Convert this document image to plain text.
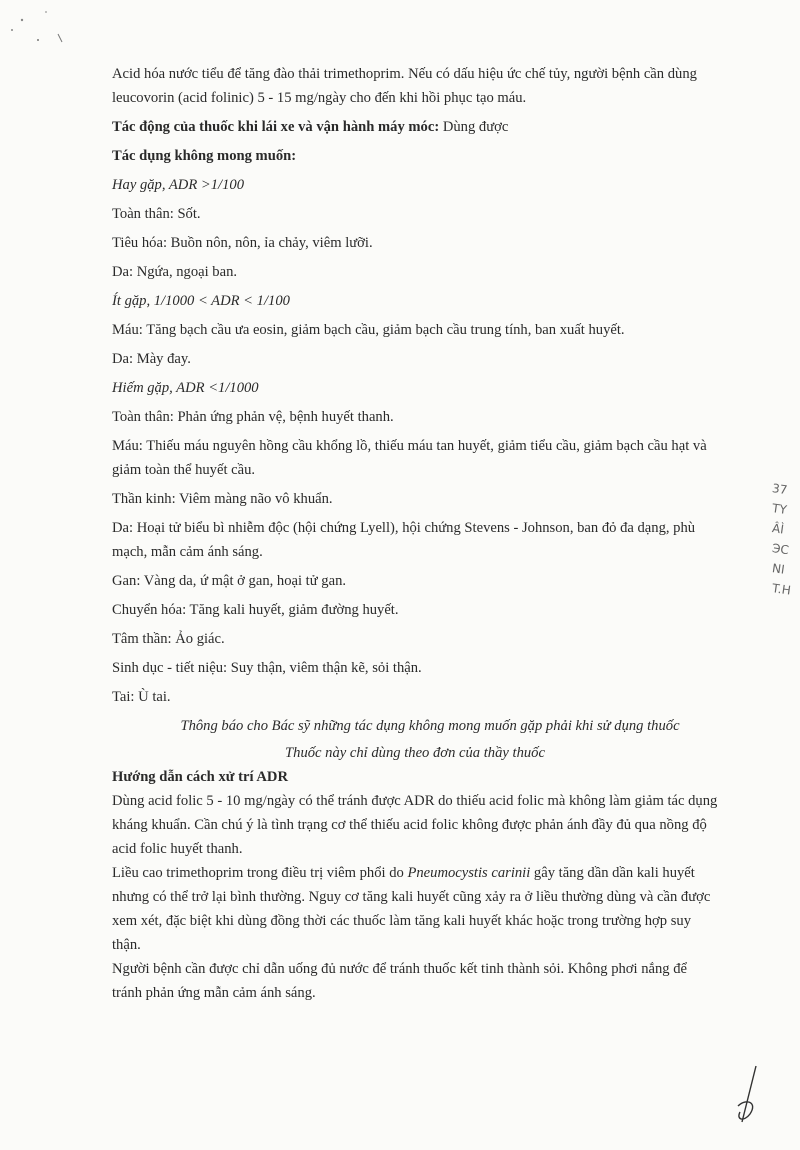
Acid hóa nước tiểu để tăng đào thải trimethoprim. Nếu có dấu hiệu ức chế tủy, người bệnh cần dùng leucovorin (acid folinic) 5 - 15 mg/ngày cho đến khi hồi phục tạo máu.

Tác động của thuốc khi lái xe và vận hành máy móc: Dùng được

Tác dụng không mong muốn:

Hay gặp, ADR >1/100

Toàn thân: Sốt.

Tiêu hóa: Buồn nôn, nôn, ỉa chảy, viêm lưỡi.

Da: Ngứa, ngoại ban.

Ít gặp, 1/1000 < ADR < 1/100

Máu: Tăng bạch cầu ưa eosin, giảm bạch cầu, giảm bạch cầu trung tính, ban xuất huyết.

Da: Mày đay.

Hiếm gặp, ADR <1/1000

Toàn thân: Phản ứng phản vệ, bệnh huyết thanh.

Máu: Thiếu máu nguyên hồng cầu khổng lồ, thiếu máu tan huyết, giảm tiểu cầu, giảm bạch cầu hạt và giảm toàn thể huyết cầu.

Thần kinh: Viêm màng não vô khuẩn.

Da: Hoại tử biểu bì nhiễm độc (hội chứng Lyell), hội chứng Stevens - Johnson, ban đỏ đa dạng, phù mạch, mẫn cảm ánh sáng.

Gan: Vàng da, ứ mật ở gan, hoại tử gan.

Chuyển hóa: Tăng kali huyết, giảm đường huyết.

Tâm thần: Ảo giác.

Sinh dục - tiết niệu: Suy thận, viêm thận kẽ, sỏi thận.

Tai: Ù tai.

Thông báo cho Bác sỹ những tác dụng không mong muốn gặp phải khi sử dụng thuốc

Thuốc này chỉ dùng theo đơn của thầy thuốc

Hướng dẫn cách xử trí ADR

Dùng acid folic 5 - 10 mg/ngày có thể tránh được ADR do thiếu acid folic mà không làm giảm tác dụng kháng khuẩn. Cần chú ý là tình trạng cơ thể thiếu acid folic không được phản ánh đầy đủ qua nồng độ acid folic huyết thanh.

Liều cao trimethoprim trong điều trị viêm phổi do Pneumocystis carinii gây tăng dần dần kali huyết nhưng có thể trở lại bình thường. Nguy cơ tăng kali huyết cũng xảy ra ở liều thường dùng và cần được xem xét, đặc biệt khi dùng đồng thời các thuốc làm tăng kali huyết khác hoặc trong trường hợp suy thận.

Người bệnh cần được chỉ dẫn uống đủ nước để tránh thuốc kết tinh thành sỏi. Không phơi nắng để tránh phản ứng mẫn cảm ánh sáng.

37
TY
ÂÌ
ЭC
NI
T.H
